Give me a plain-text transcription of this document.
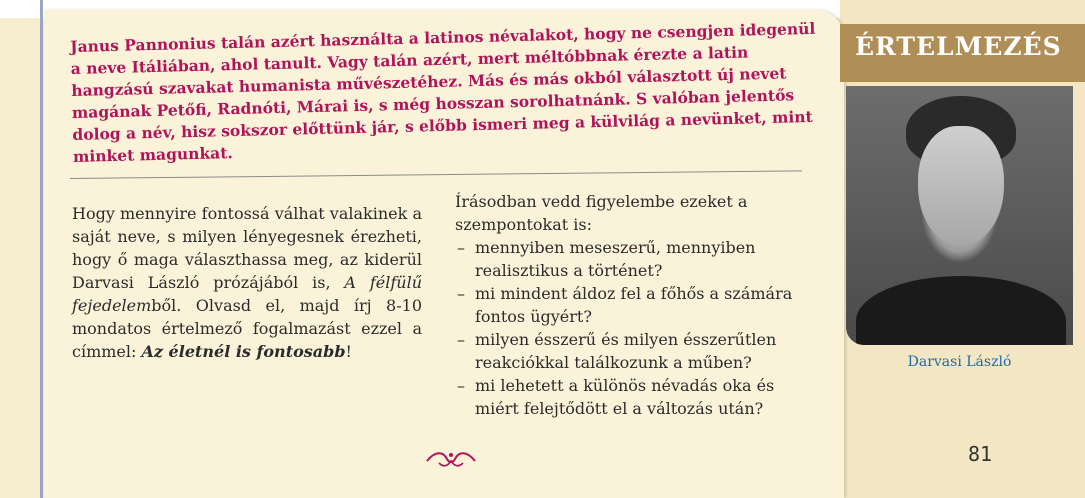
ÉRTELMEZÉS
Darvasi László
Janus Pannonius talán azért használta a latinos névalakot, hogy ne csengjen idegenül a neve Itáliában, ahol tanult. Vagy talán azért, mert méltóbbnak érezte a latin hangzású szavakat humanista művészetéhez. Más és más okból választott új nevet magának Petőfi, Radnóti, Márai is, s még hosszan sorolhatnánk. S valóban jelentős dolog a név, hisz sokszor előttünk jár, s előbb ismeri meg a külvilág a nevünket, mint minket magunkat.
Hogy mennyire fontossá válhat valakinek a saját neve, s milyen lényegesnek érezheti, hogy ő maga választhassa meg, az kiderül Darvasi László prózájából is, A félfülű fejedelemből. Olvasd el, majd írj 8-10 mondatos értelmező fogalmazást ezzel a címmel: Az életnél is fontosabb!
Írásodban vedd figyelembe ezeket a szempontokat is:
– mennyiben meseszerű, mennyiben realisztikus a történet?
– mi mindent áldoz fel a főhős a számára fontos ügyért?
– milyen ésszerű és milyen ésszerűtlen reakciókkal találkozunk a műben?
– mi lehetett a különös névadás oka és miért felejtődött el a változás után?
81
